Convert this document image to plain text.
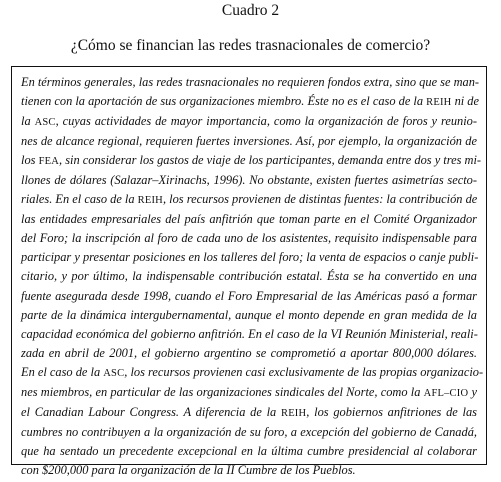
Cuadro 2
¿Cómo se financian las redes trasnacionales de comercio?

En términos generales, las redes trasnacionales no requieren fondos extra, sino que se man-
tienen con la aportación de sus organizaciones miembro. Éste no es el caso de la REIH ni de
la ASC, cuyas actividades de mayor importancia, como la organización de foros y reunio-
nes de alcance regional, requieren fuertes inversiones. Así, por ejemplo, la organización de
los FEA, sin considerar los gastos de viaje de los participantes, demanda entre dos y tres mi-
llones de dólares (Salazar–Xirinachs, 1996). No obstante, existen fuertes asimetrías secto-
riales. En el caso de la REIH, los recursos provienen de distintas fuentes: la contribución de
las entidades empresariales del país anfitrión que toman parte en el Comité Organizador
del Foro; la inscripción al foro de cada uno de los asistentes, requisito indispensable para
participar y presentar posiciones en los talleres del foro; la venta de espacios o canje publi-
citario, y por último, la indispensable contribución estatal. Ésta se ha convertido en una
fuente asegurada desde 1998, cuando el Foro Empresarial de las Américas pasó a formar
parte de la dinámica intergubernamental, aunque el monto depende en gran medida de la
capacidad económica del gobierno anfitrión. En el caso de la VI Reunión Ministerial, reali-
zada en abril de 2001, el gobierno argentino se comprometió a aportar 800,000 dólares.
En el caso de la ASC, los recursos provienen casi exclusivamente de las propias organizacio-
nes miembros, en particular de las organizaciones sindicales del Norte, como la AFL–CIO y
el Canadian Labour Congress. A diferencia de la REIH, los gobiernos anfitriones de las
cumbres no contribuyen a la organización de su foro, a excepción del gobierno de Canadá,
que ha sentado un precedente excepcional en la última cumbre presidencial al colaborar
con $200,000 para la organización de la II Cumbre de los Pueblos.
